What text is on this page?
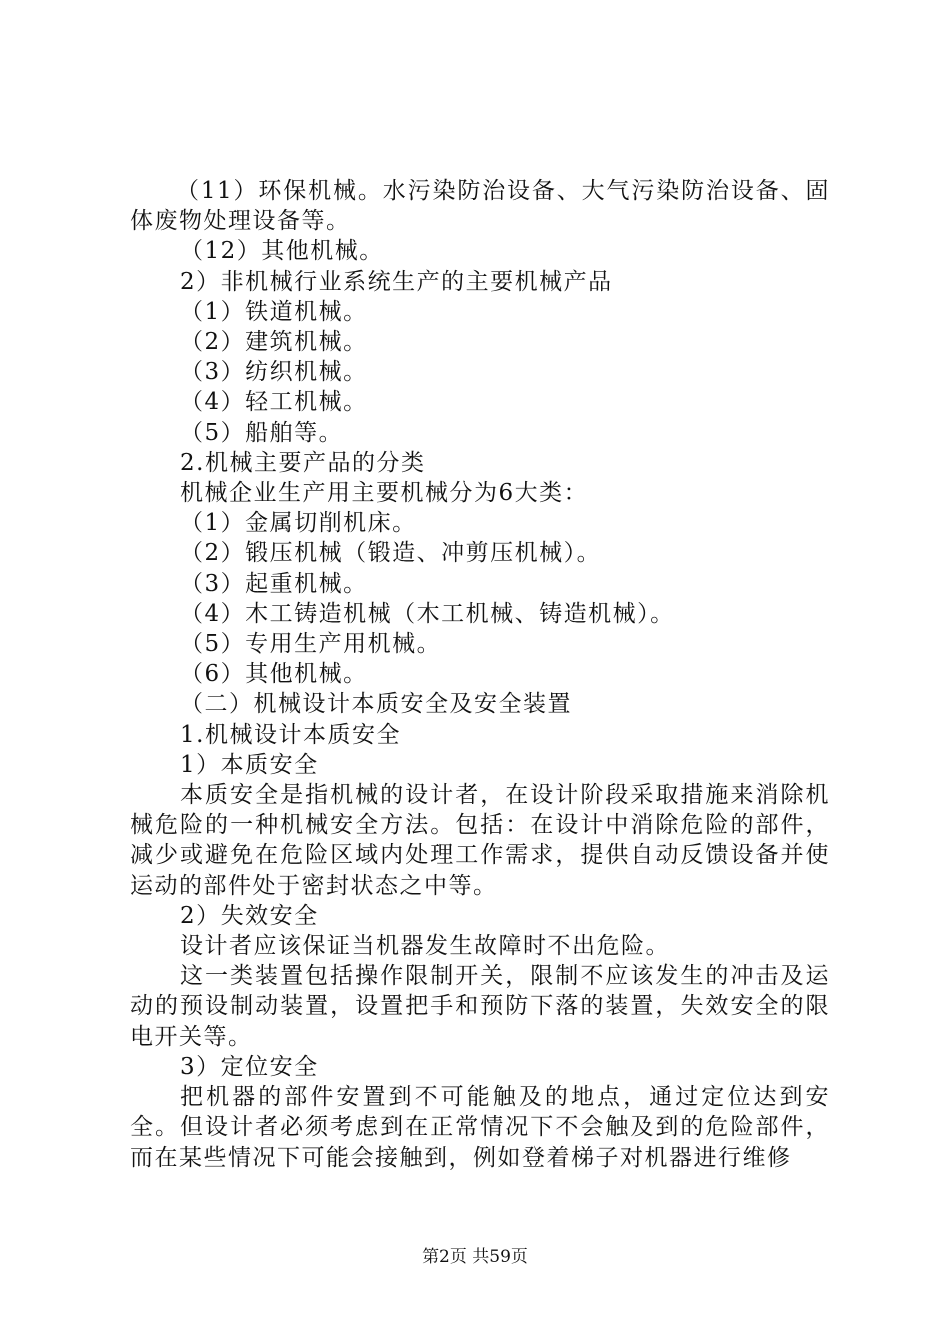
（11）环保机械。水污染防治设备、大气污染防治设备、固体废物处理设备等。

（12）其他机械。

2）非机械行业系统生产的主要机械产品

（1）铁道机械。

（2）建筑机械。

（3）纺织机械。

（4）轻工机械。

（5）船舶等。

2.机械主要产品的分类

机械企业生产用主要机械分为6大类：

（1）金属切削机床。

（2）锻压机械（锻造、冲剪压机械）。

（3）起重机械。

（4）木工铸造机械（木工机械、铸造机械）。

（5）专用生产用机械。

（6）其他机械。

（二）机械设计本质安全及安全装置

1.机械设计本质安全

1）本质安全

本质安全是指机械的设计者，在设计阶段采取措施来消除机械危险的一种机械安全方法。包括：在设计中消除危险的部件，减少或避免在危险区域内处理工作需求，提供自动反馈设备并使运动的部件处于密封状态之中等。

2）失效安全

设计者应该保证当机器发生故障时不出危险。

这一类装置包括操作限制开关，限制不应该发生的冲击及运动的预设制动装置，设置把手和预防下落的装置，失效安全的限电开关等。

3）定位安全

把机器的部件安置到不可能触及的地点，通过定位达到安全。但设计者必须考虑到在正常情况下不会触及到的危险部件，而在某些情况下可能会接触到，例如登着梯子对机器进行维修

第2页 共59页
